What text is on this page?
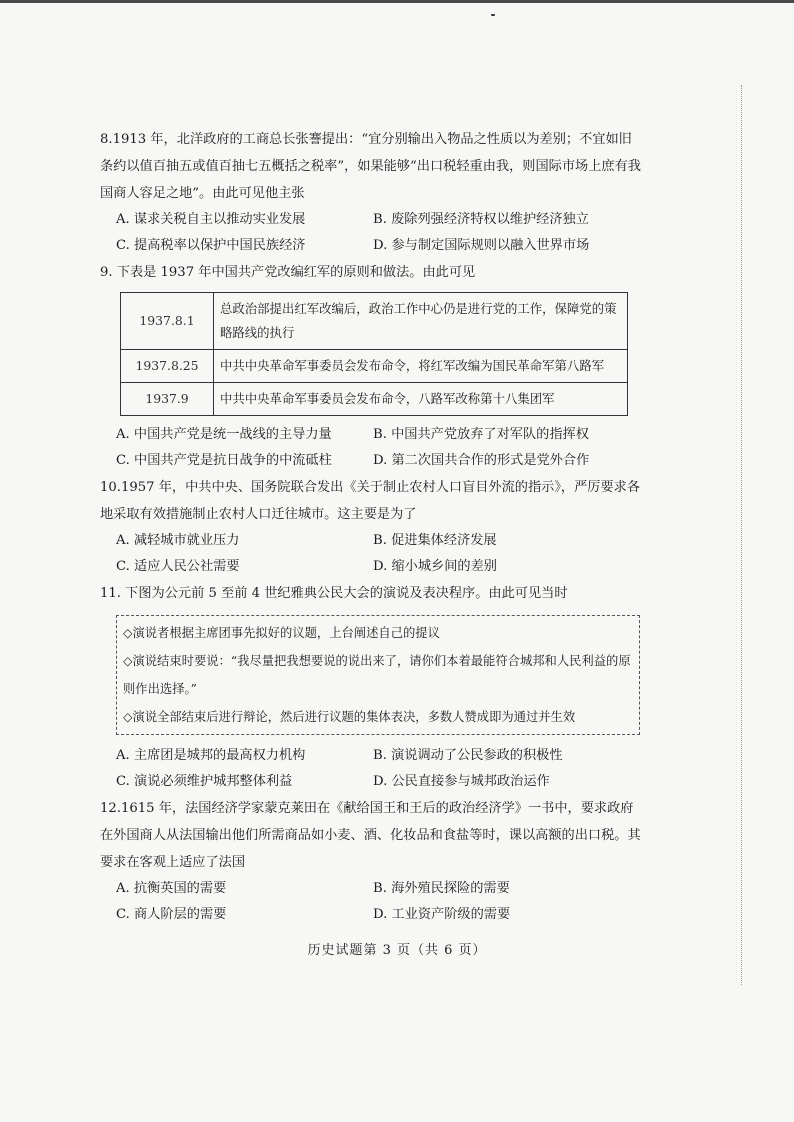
8.1913 年，北洋政府的工商总长张謇提出：“宜分别输出入物品之性质以为差别；不宜如旧条约以值百抽五或值百抽七五概括之税率”，如果能够“出口税轻重由我，则国际市场上庶有我国商人容足之地”。由此可见他主张

A. 谋求关税自主以推动实业发展	B. 废除列强经济特权以维护经济独立
C. 提高税率以保护中国民族经济	D. 参与制定国际规则以融入世界市场

9. 下表是 1937 年中国共产党改编红军的原则和做法。由此可见

1937.8.1	总政治部提出红军改编后，政治工作中心仍是进行党的工作，保障党的策略路线的执行
1937.8.25	中共中央革命军事委员会发布命令，将红军改编为国民革命军第八路军
1937.9	中共中央革命军事委员会发布命令，八路军改称第十八集团军
A. 中国共产党是统一战线的主导力量	B. 中国共产党放弃了对军队的指挥权
C. 中国共产党是抗日战争的中流砥柱	D. 第二次国共合作的形式是党外合作

10.1957 年，中共中央、国务院联合发出《关于制止农村人口盲目外流的指示》，严厉要求各地采取有效措施制止农村人口迁往城市。这主要是为了

A. 减轻城市就业压力	B. 促进集体经济发展
C. 适应人民公社需要	D. 缩小城乡间的差别

11. 下图为公元前 5 至前 4 世纪雅典公民大会的演说及表决程序。由此可见当时

◇演说者根据主席团事先拟好的议题，上台阐述自己的提议

◇演说结束时要说：“我尽量把我想要说的说出来了，请你们本着最能符合城邦和人民利益的原则作出选择。”

◇演说全部结束后进行辩论，然后进行议题的集体表决，多数人赞成即为通过并生效

A. 主席团是城邦的最高权力机构	B. 演说调动了公民参政的积极性
C. 演说必须维护城邦整体利益	D. 公民直接参与城邦政治运作

12.1615 年，法国经济学家蒙克莱田在《献给国王和王后的政治经济学》一书中，要求政府在外国商人从法国输出他们所需商品如小麦、酒、化妆品和食盐等时，课以高额的出口税。其要求在客观上适应了法国

A. 抗衡英国的需要	B. 海外殖民探险的需要
C. 商人阶层的需要	D. 工业资产阶级的需要
历史试题第 3 页（共 6 页）
